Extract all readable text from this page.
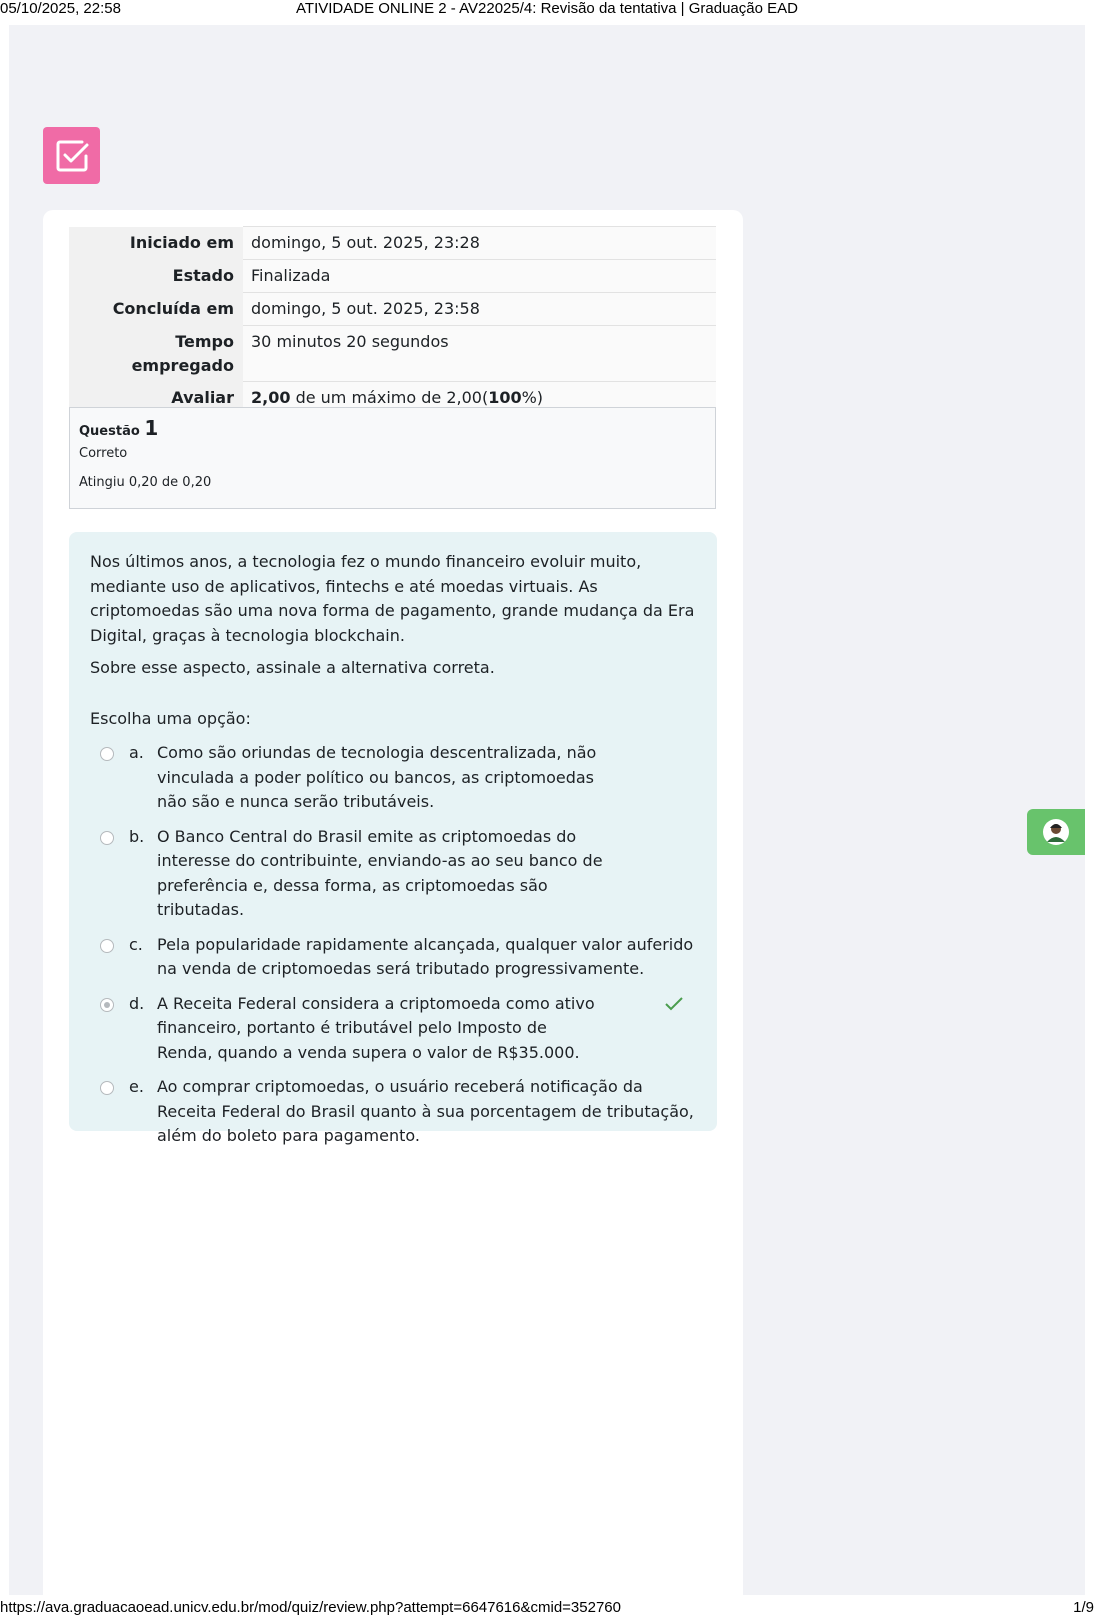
05/10/2025, 22:58	ATIVIDADE ONLINE 2 - AV22025/4: Revisão da tentativa | Graduação EAD
Iniciado em	domingo, 5 out. 2025, 23:28
Estado	Finalizada
Concluída em	domingo, 5 out. 2025, 23:58
Tempo empregado	30 minutos 20 segundos
Avaliar	2,00 de um máximo de 2,00(100%)
Questão 1
Correto
Atingiu 0,20 de 0,20

Nos últimos anos, a tecnologia fez o mundo financeiro evoluir muito, mediante uso de aplicativos, fintechs e até moedas virtuais. As criptomoedas são uma nova forma de pagamento, grande mudança da Era Digital, graças à tecnologia blockchain.

Sobre esse aspecto, assinale a alternativa correta.

Escolha uma opção:
a. Como são oriundas de tecnologia descentralizada, não vinculada a poder político ou bancos, as criptomoedas não são e nunca serão tributáveis.
b. O Banco Central do Brasil emite as criptomoedas do interesse do contribuinte, enviando-as ao seu banco de preferência e, dessa forma, as criptomoedas são tributadas.
c. Pela popularidade rapidamente alcançada, qualquer valor auferido na venda de criptomoedas será tributado progressivamente.
d. A Receita Federal considera a criptomoeda como ativo financeiro, portanto é tributável pelo Imposto de Renda, quando a venda supera o valor de R$35.000.
e. Ao comprar criptomoedas, o usuário receberá notificação da Receita Federal do Brasil quanto à sua porcentagem de tributação, além do boleto para pagamento.
https://ava.graduacaoead.unicv.edu.br/mod/quiz/review.php?attempt=6647616&cmid=352760	1/9
